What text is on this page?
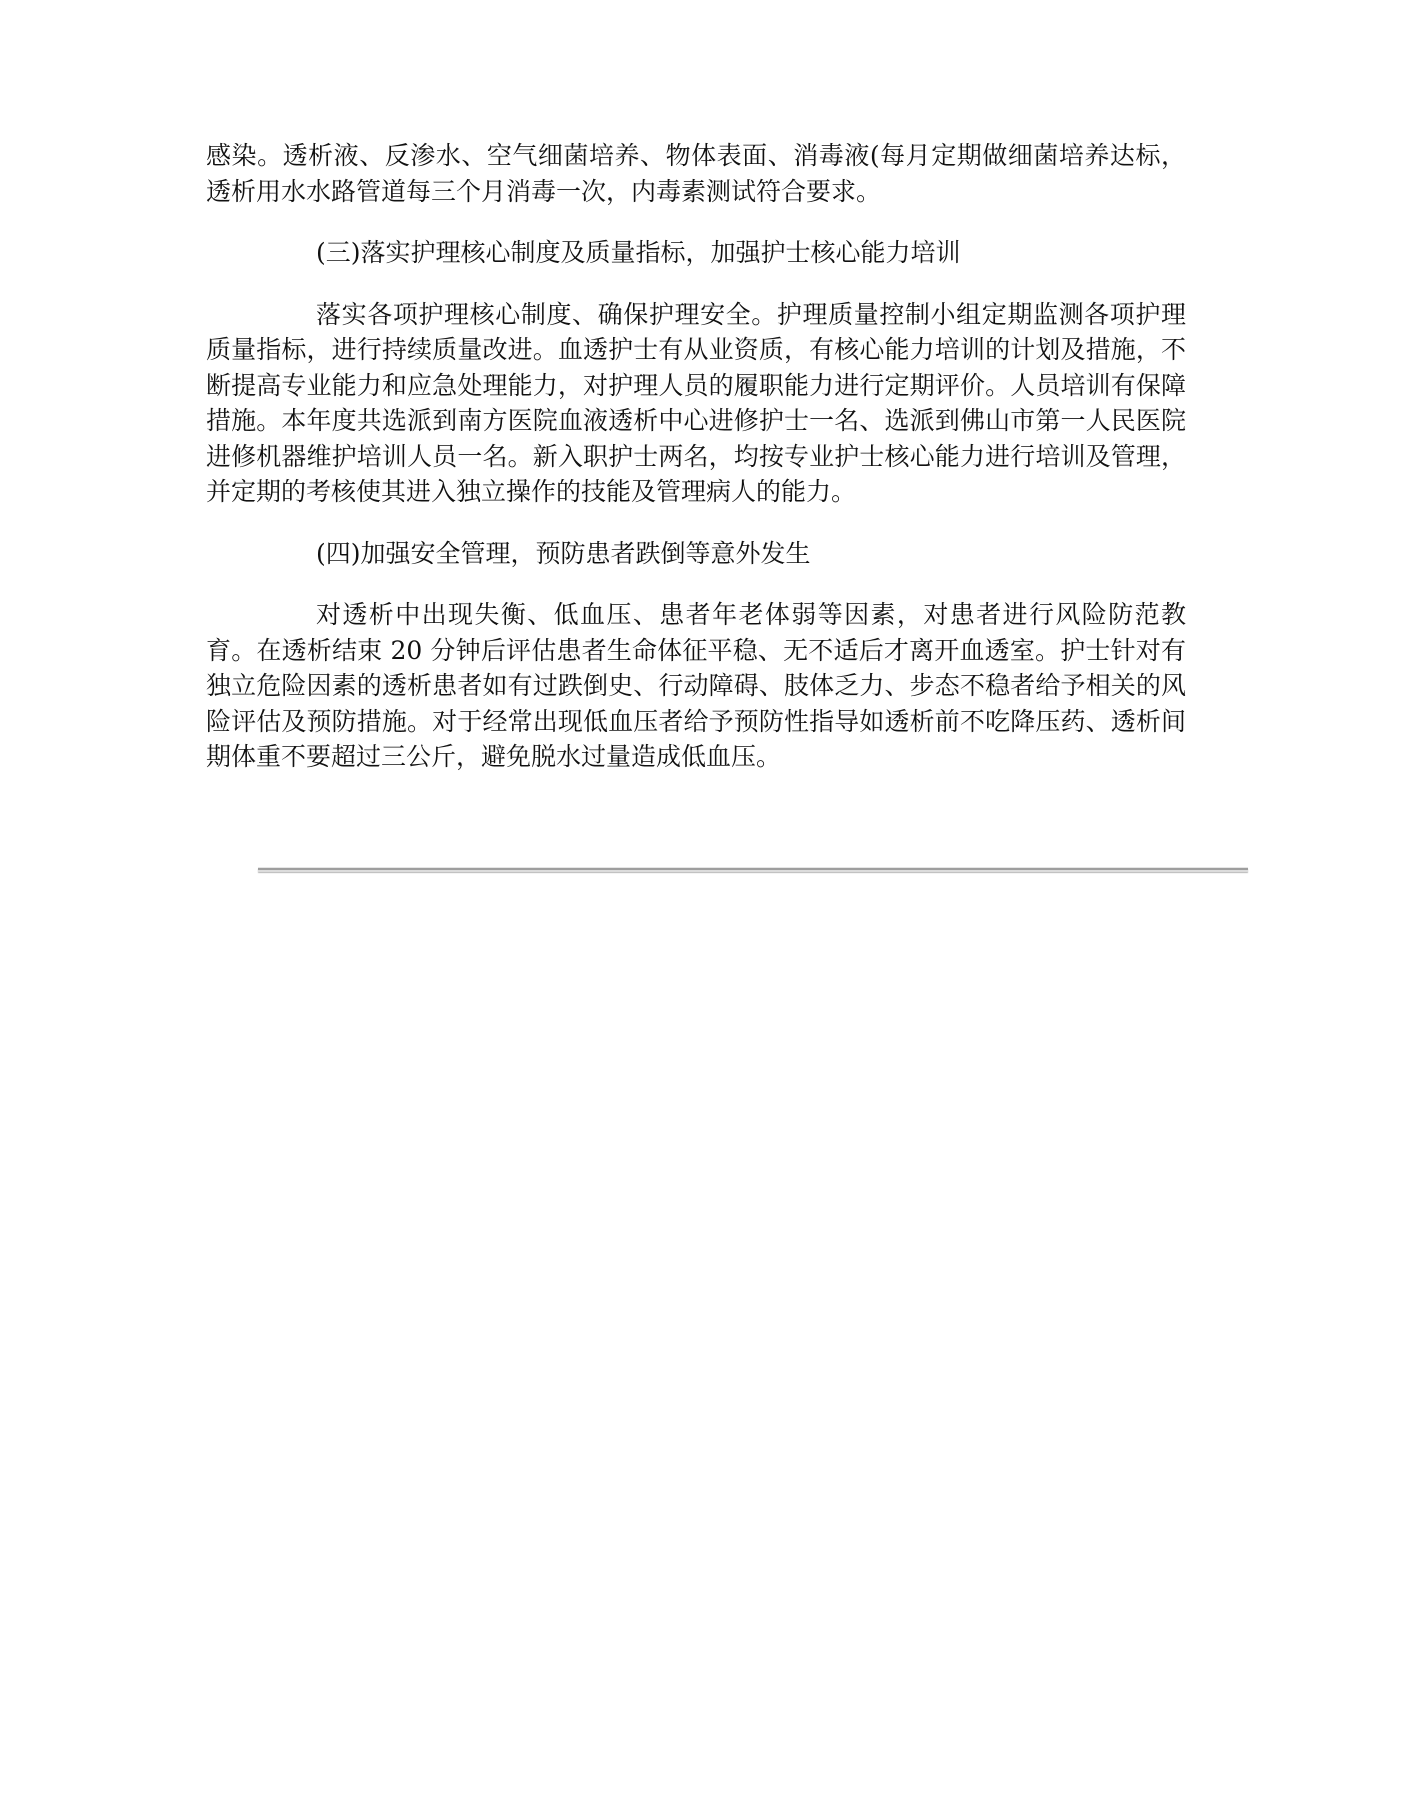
感染。透析液、反渗水、空气细菌培养、物体表面、消毒液(每月定期做细菌培养达标，透析用水水路管道每三个月消毒一次，内毒素测试符合要求。

(三)落实护理核心制度及质量指标，加强护士核心能力培训

落实各项护理核心制度、确保护理安全。护理质量控制小组定期监测各项护理质量指标，进行持续质量改进。血透护士有从业资质，有核心能力培训的计划及措施，不断提高专业能力和应急处理能力，对护理人员的履职能力进行定期评价。人员培训有保障措施。本年度共选派到南方医院血液透析中心进修护士一名、选派到佛山市第一人民医院进修机器维护培训人员一名。新入职护士两名，均按专业护士核心能力进行培训及管理，并定期的考核使其进入独立操作的技能及管理病人的能力。

(四)加强安全管理，预防患者跌倒等意外发生

对透析中出现失衡、低血压、患者年老体弱等因素，对患者进行风险防范教育。在透析结束 20 分钟后评估患者生命体征平稳、无不适后才离开血透室。护士针对有独立危险因素的透析患者如有过跌倒史、行动障碍、肢体乏力、步态不稳者给予相关的风险评估及预防措施。对于经常出现低血压者给予预防性指导如透析前不吃降压药、透析间期体重不要超过三公斤，避免脱水过量造成低血压。
